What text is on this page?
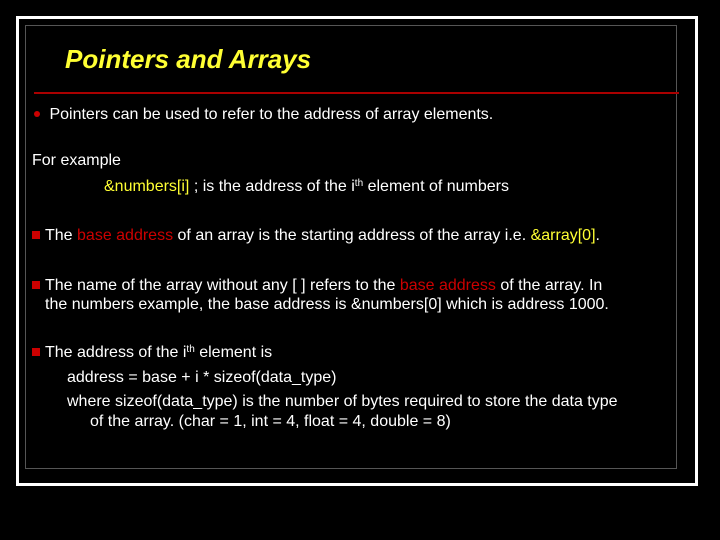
Pointers and Arrays
Pointers can be used to refer to the address of array elements.
For example
&numbers[i] ; is the address of the $i^{th}$ element of numbers
The base address of an array is the starting address of the array i.e. &array[0].
The name of the array without any [ ] refers to the base address of the array. In
the numbers example, the base address is &numbers[0] which is address 1000.
The address of the $i^{th}$ element is
address = base + i * sizeof(data_type)
where sizeof(data_type) is the number of bytes required to store the data type
of the array. (char = 1, int = 4, float = 4, double = 8)
